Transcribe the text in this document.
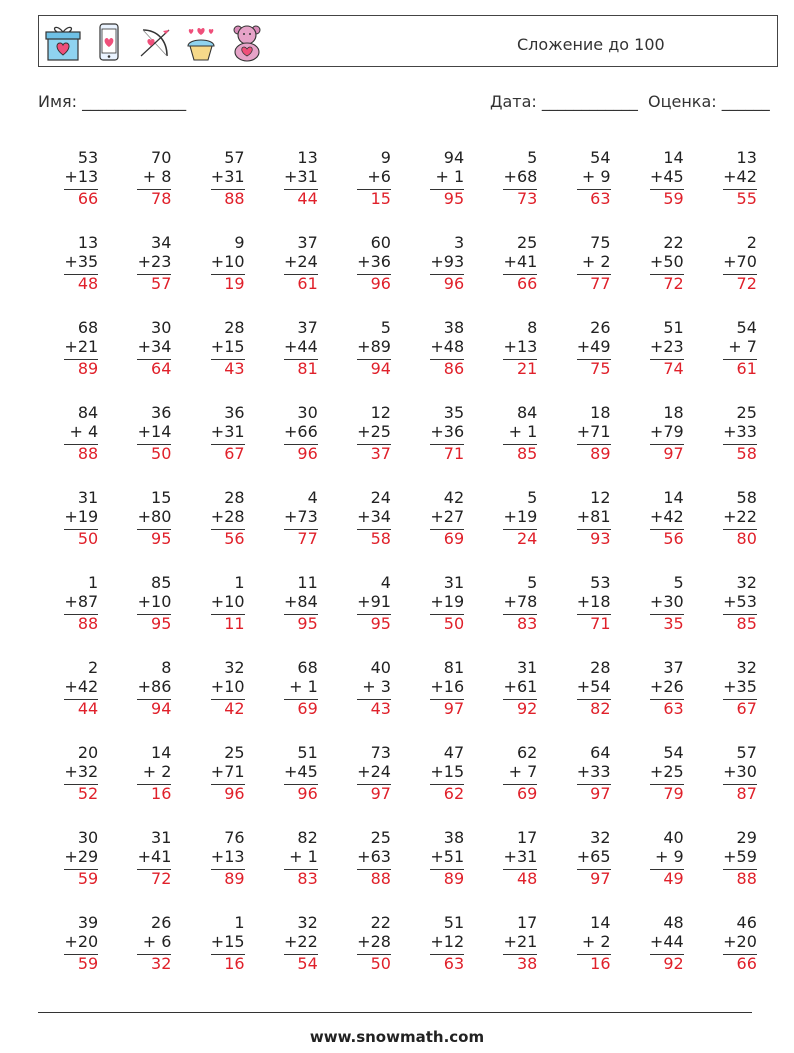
Сложение до 100
Имя: _____________	Дата: ____________ Оценка: ______
53
+13
66
70
+ 8
78
57
+31
88
13
+31
44
9
+6
15
94
+ 1
95
5
+68
73
54
+ 9
63
14
+45
59
13
+42
55
13
+35
48
34
+23
57
9
+10
19
37
+24
61
60
+36
96
3
+93
96
25
+41
66
75
+ 2
77
22
+50
72
2
+70
72
68
+21
89
30
+34
64
28
+15
43
37
+44
81
5
+89
94
38
+48
86
8
+13
21
26
+49
75
51
+23
74
54
+ 7
61
84
+ 4
88
36
+14
50
36
+31
67
30
+66
96
12
+25
37
35
+36
71
84
+ 1
85
18
+71
89
18
+79
97
25
+33
58
31
+19
50
15
+80
95
28
+28
56
4
+73
77
24
+34
58
42
+27
69
5
+19
24
12
+81
93
14
+42
56
58
+22
80
1
+87
88
85
+10
95
1
+10
11
11
+84
95
4
+91
95
31
+19
50
5
+78
83
53
+18
71
5
+30
35
32
+53
85
2
+42
44
8
+86
94
32
+10
42
68
+ 1
69
40
+ 3
43
81
+16
97
31
+61
92
28
+54
82
37
+26
63
32
+35
67
20
+32
52
14
+ 2
16
25
+71
96
51
+45
96
73
+24
97
47
+15
62
62
+ 7
69
64
+33
97
54
+25
79
57
+30
87
30
+29
59
31
+41
72
76
+13
89
82
+ 1
83
25
+63
88
38
+51
89
17
+31
48
32
+65
97
40
+ 9
49
29
+59
88
39
+20
59
26
+ 6
32
1
+15
16
32
+22
54
22
+28
50
51
+12
63
17
+21
38
14
+ 2
16
48
+44
92
46
+20
66
www.snowmath.com
